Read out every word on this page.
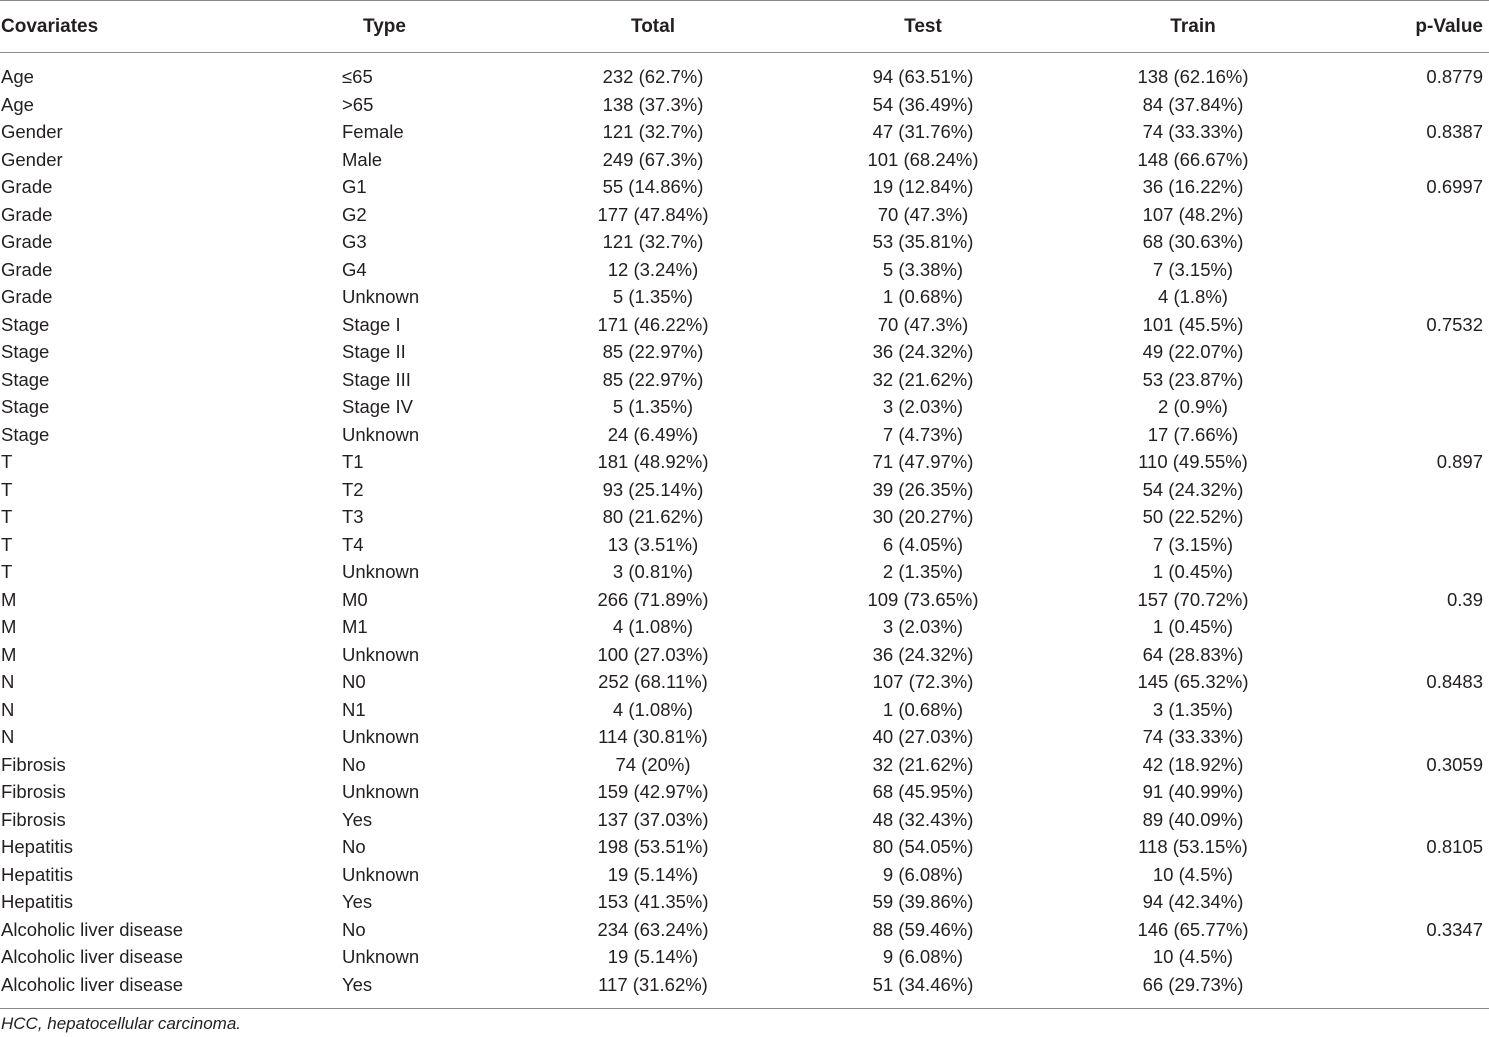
Covariates	Type	Total	Test	Train	p-Value
Age	≤65	232 (62.7%)	94 (63.51%)	138 (62.16%)	0.8779
Age	>65	138 (37.3%)	54 (36.49%)	84 (37.84%)	
Gender	Female	121 (32.7%)	47 (31.76%)	74 (33.33%)	0.8387
Gender	Male	249 (67.3%)	101 (68.24%)	148 (66.67%)	
Grade	G1	55 (14.86%)	19 (12.84%)	36 (16.22%)	0.6997
Grade	G2	177 (47.84%)	70 (47.3%)	107 (48.2%)	
Grade	G3	121 (32.7%)	53 (35.81%)	68 (30.63%)	
Grade	G4	12 (3.24%)	5 (3.38%)	7 (3.15%)	
Grade	Unknown	5 (1.35%)	1 (0.68%)	4 (1.8%)	
Stage	Stage I	171 (46.22%)	70 (47.3%)	101 (45.5%)	0.7532
Stage	Stage II	85 (22.97%)	36 (24.32%)	49 (22.07%)	
Stage	Stage III	85 (22.97%)	32 (21.62%)	53 (23.87%)	
Stage	Stage IV	5 (1.35%)	3 (2.03%)	2 (0.9%)	
Stage	Unknown	24 (6.49%)	7 (4.73%)	17 (7.66%)	
T	T1	181 (48.92%)	71 (47.97%)	110 (49.55%)	0.897
T	T2	93 (25.14%)	39 (26.35%)	54 (24.32%)	
T	T3	80 (21.62%)	30 (20.27%)	50 (22.52%)	
T	T4	13 (3.51%)	6 (4.05%)	7 (3.15%)	
T	Unknown	3 (0.81%)	2 (1.35%)	1 (0.45%)	
M	M0	266 (71.89%)	109 (73.65%)	157 (70.72%)	0.39
M	M1	4 (1.08%)	3 (2.03%)	1 (0.45%)	
M	Unknown	100 (27.03%)	36 (24.32%)	64 (28.83%)	
N	N0	252 (68.11%)	107 (72.3%)	145 (65.32%)	0.8483
N	N1	4 (1.08%)	1 (0.68%)	3 (1.35%)	
N	Unknown	114 (30.81%)	40 (27.03%)	74 (33.33%)	
Fibrosis	No	74 (20%)	32 (21.62%)	42 (18.92%)	0.3059
Fibrosis	Unknown	159 (42.97%)	68 (45.95%)	91 (40.99%)	
Fibrosis	Yes	137 (37.03%)	48 (32.43%)	89 (40.09%)	
Hepatitis	No	198 (53.51%)	80 (54.05%)	118 (53.15%)	0.8105
Hepatitis	Unknown	19 (5.14%)	9 (6.08%)	10 (4.5%)	
Hepatitis	Yes	153 (41.35%)	59 (39.86%)	94 (42.34%)	
Alcoholic liver disease	No	234 (63.24%)	88 (59.46%)	146 (65.77%)	0.3347
Alcoholic liver disease	Unknown	19 (5.14%)	9 (6.08%)	10 (4.5%)	
Alcoholic liver disease	Yes	117 (31.62%)	51 (34.46%)	66 (29.73%)	

HCC, hepatocellular carcinoma.
